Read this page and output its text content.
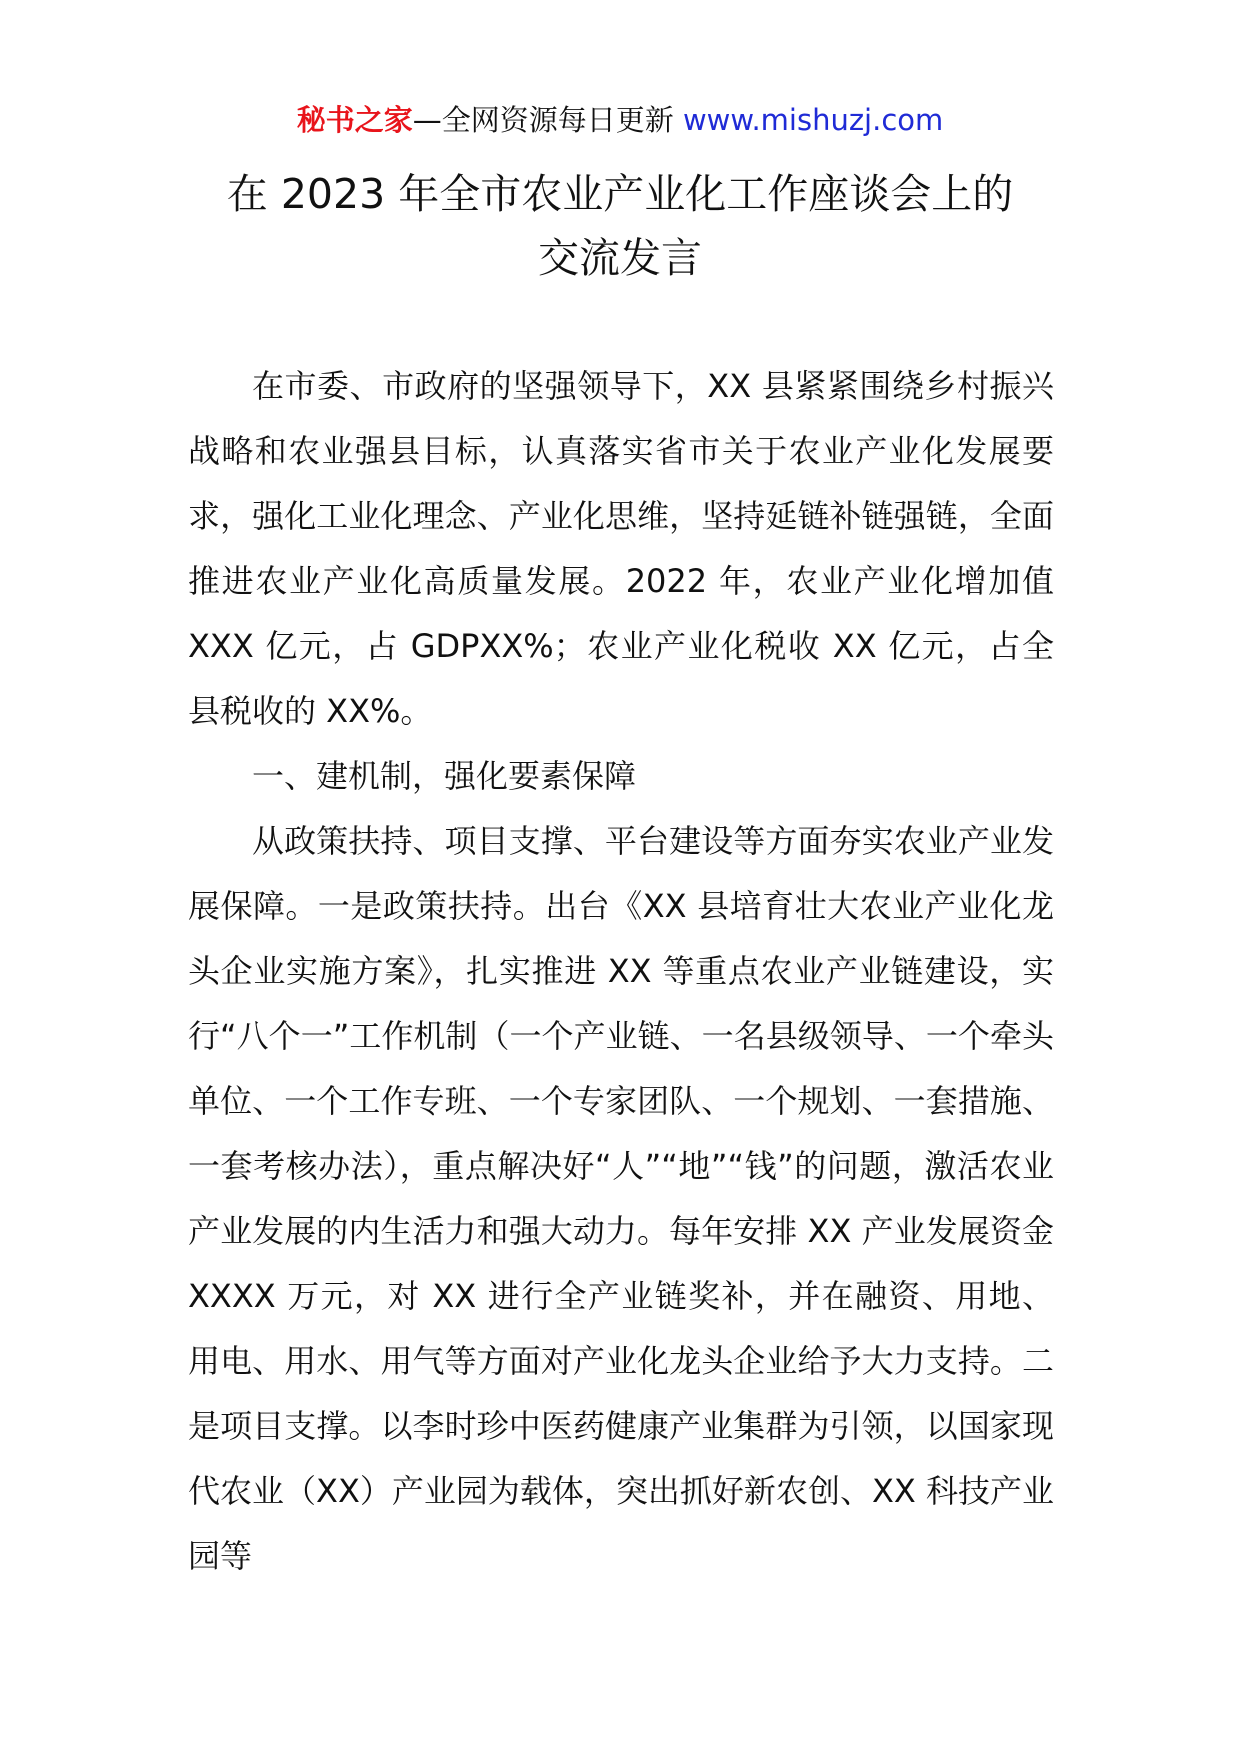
秘书之家—全网资源每日更新 www.mishuzj.com
在 2023 年全市农业产业化工作座谈会上的
交流发言

在市委、市政府的坚强领导下，XX 县紧紧围绕乡村振兴战略和农业强县目标，认真落实省市关于农业产业化发展要求，强化工业化理念、产业化思维，坚持延链补链强链，全面推进农业产业化高质量发展。2022 年，农业产业化增加值 XXX 亿元，占 GDPXX%；农业产业化税收 XX 亿元，占全县税收的 XX%。

一、建机制，强化要素保障

从政策扶持、项目支撑、平台建设等方面夯实农业产业发展保障。一是政策扶持。出台《XX 县培育壮大农业产业化龙头企业实施方案》，扎实推进 XX 等重点农业产业链建设，实行“八个一”工作机制（一个产业链、一名县级领导、一个牵头单位、一个工作专班、一个专家团队、一个规划、一套措施、一套考核办法），重点解决好“人”“地”“钱”的问题，激活农业产业发展的内生活力和强大动力。每年安排 XX 产业发展资金 XXXX 万元，对 XX 进行全产业链奖补，并在融资、用地、用电、用水、用气等方面对产业化龙头企业给予大力支持。二是项目支撑。以李时珍中医药健康产业集群为引领，以国家现代农业（XX）产业园为载体，突出抓好新农创、XX 科技产业园等
